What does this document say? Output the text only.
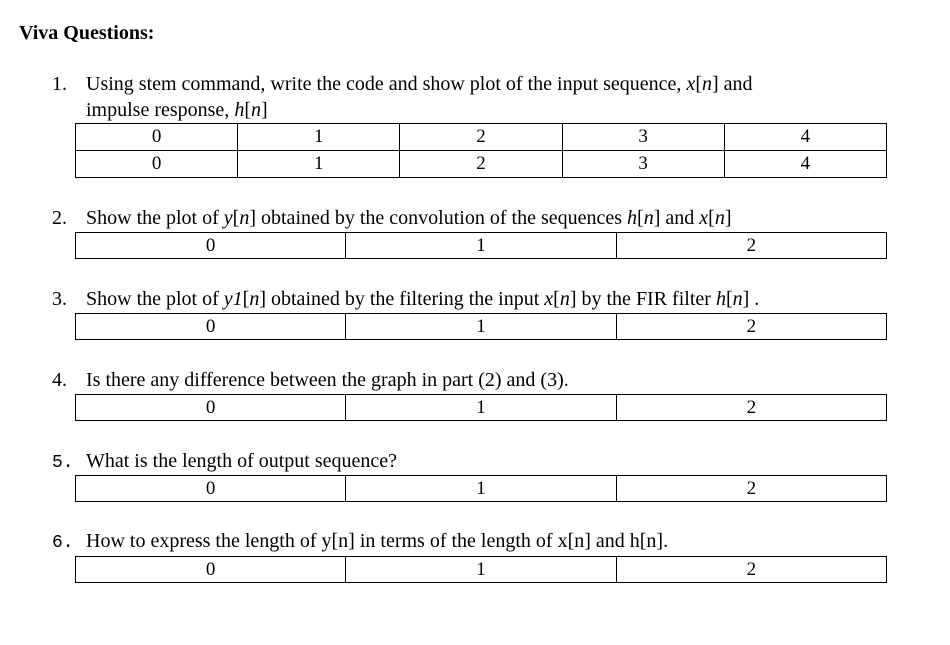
Viva Questions:
1. Using stem command, write the code and show plot of the input sequence, x[n] and
impulse response, h[n]
0	1	2	3	4
0	1	2	3	4
2. Show the plot of y[n] obtained by the convolution of the sequences h[n] and x[n]
0	1	2
3. Show the plot of y1[n] obtained by the filtering the input x[n] by the FIR filter h[n] .
0	1	2
4. Is there any difference between the graph in part (2) and (3).
0	1	2
5. What is the length of output sequence?
0	1	2
6. How to express the length of y[n] in terms of the length of x[n] and h[n].
0	1	2
